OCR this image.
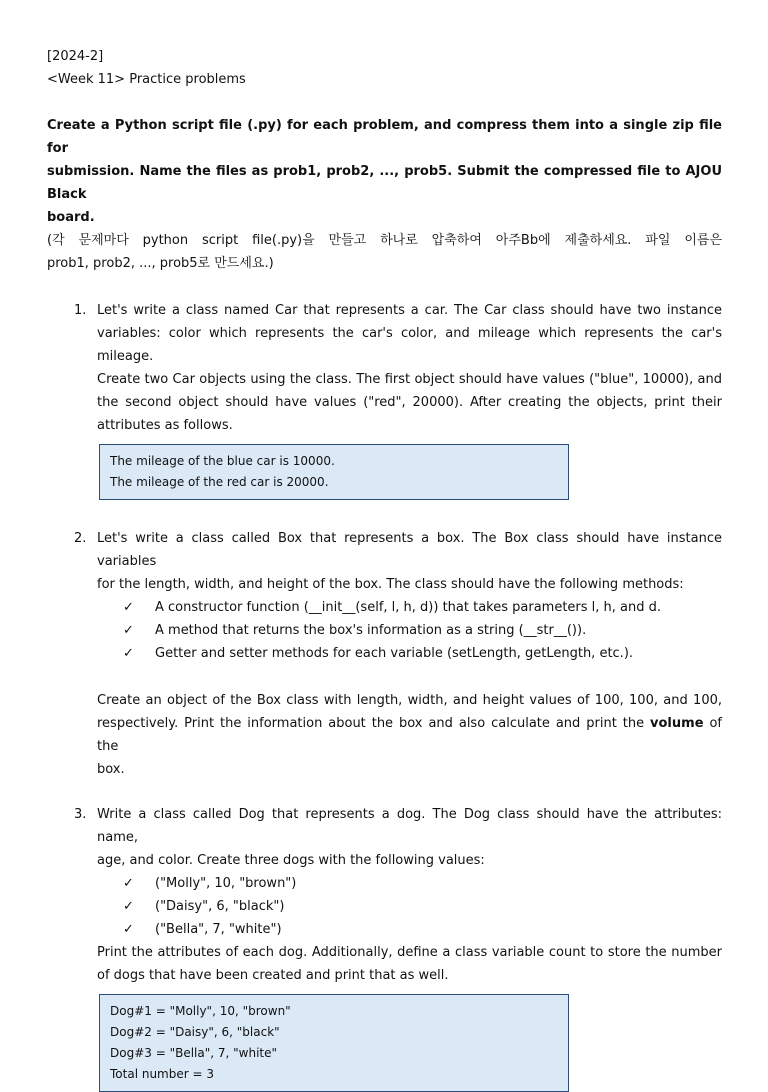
[2024-2]
<Week 11> Practice problems
Create a Python script file (.py) for each problem, and compress them into a single zip file for
submission. Name the files as prob1, prob2, ..., prob5. Submit the compressed file to AJOU Black
board.
(각 문제마다 python script file(.py)을 만들고 하나로 압축하여 아주Bb에 제출하세요. 파일 이름은
prob1, prob2, ..., prob5로 만드세요.)
1. Let's write a class named Car that represents a car. The Car class should have two instance
variables: color which represents the car's color, and mileage which represents the car's mileage.
Create two Car objects using the class. The first object should have values ("blue", 10000), and
the second object should have values ("red", 20000). After creating the objects, print their
attributes as follows.
The mileage of the blue car is 10000.
The mileage of the red car is 20000.
2. Let's write a class called Box that represents a box. The Box class should have instance variables
for the length, width, and height of the box. The class should have the following methods:
✓ A constructor function (__init__(self, l, h, d)) that takes parameters l, h, and d.
✓ A method that returns the box's information as a string (__str__()).
✓ Getter and setter methods for each variable (setLength, getLength, etc.).
Create an object of the Box class with length, width, and height values of 100, 100, and 100,
respectively. Print the information about the box and also calculate and print the volume of the
box.
3. Write a class called Dog that represents a dog. The Dog class should have the attributes: name,
age, and color. Create three dogs with the following values:
✓ ("Molly", 10, "brown")
✓ ("Daisy", 6, "black")
✓ ("Bella", 7, "white")
Print the attributes of each dog. Additionally, define a class variable count to store the number
of dogs that have been created and print that as well.
Dog#1 = "Molly", 10, "brown"
Dog#2 = "Daisy", 6, "black"
Dog#3 = "Bella", 7, "white"
Total number = 3
